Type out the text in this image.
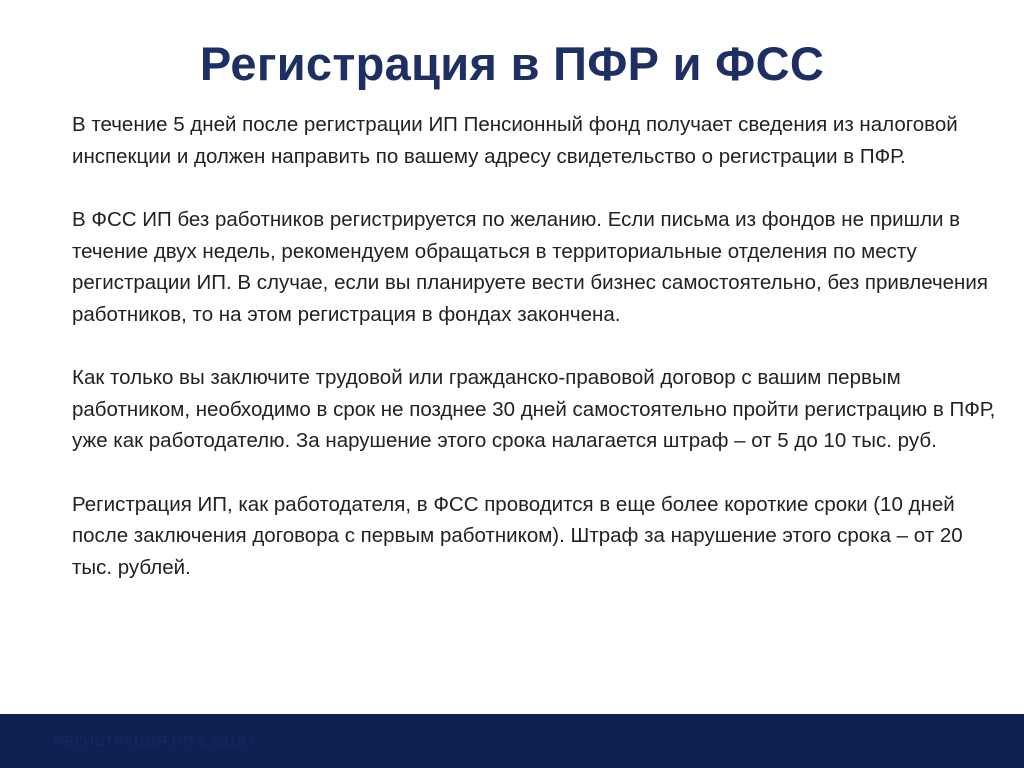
Регистрация в ПФР и ФСС
В течение 5 дней после регистрации ИП Пенсионный фонд получает сведения из налоговой инспекции и должен направить по вашему адресу свидетельство о регистрации в ПФР.
В ФСС ИП без работников регистрируется по желанию. Если письма из фондов не пришли в течение двух недель, рекомендуем обращаться в территориальные отделения по месту регистрации ИП. В случае, если вы планируете вести бизнес самостоятельно, без привлечения работников, то на этом регистрация в фондах закончена.
Как только вы заключите трудовой или гражданско-правовой договор с вашим первым работником, необходимо в срок не позднее 30 дней самостоятельно пройти регистрацию в ПФР, уже как работодателю. За нарушение этого срока налагается штраф – от 5 до 10 тыс. руб.
Регистрация ИП, как работодателя, в ФСС проводится в еще более короткие сроки (10 дней после заключения договора с первым работником). Штраф за нарушение этого срока – от 20 тыс. рублей.
РЕГИСТРАЦИЯ ИП в 2016 г.
